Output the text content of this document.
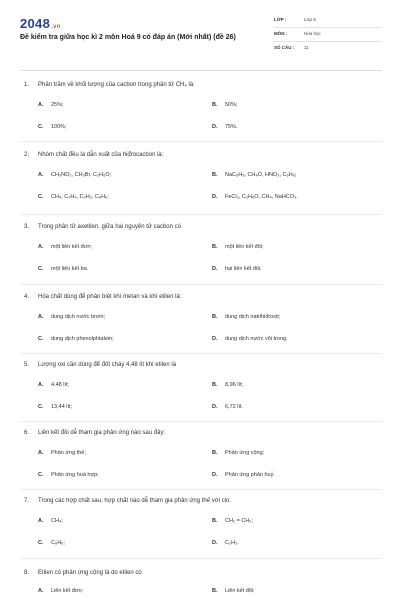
2048.vn
Đề kiểm tra giữa học kì 2 môn Hoá 9 có đáp án (Mới nhất) (đề 26)
LỚP :	Lớp 9
MÔN :	Hóa học
SỐ CÂU : 11
1. Phần trăm về khối lượng của cacbon trong phân tử CH₄ là:
A. 25%;	B. 50%;
C. 100%;	D. 75%.
2. Nhóm chất đều là dẫn xuất của hiđrocacbon là:
A. CH₃NO₂, CH₃Br, C₂H₆O;	B. NaC₆H₅, CH₄O, HNO₃, C₆H₆;
C. CH₄, C₂H₄, C₂H₂, C₆H₆;	D. FeCl₃, C₂H₆O, CH₄, NaHCO₃.
3. Trong phân tử axetilen, giữa hai nguyên tử cacbon có
A. một liên kết đơn;	B. một liên kết đôi;
C. một liên kết ba	D. hai liên kết đôi.
4. Hóa chất dùng để phân biệt khí metan và khí etilen là:
A. dung dịch nước brom;	B. dung dịch natrihiđroxit;
C. dung dịch phenolphtalein;	D. dung dịch nước vôi trong.
5. Lượng oxi cần dùng để đốt cháy 4,48 lít khí etilen là
A. 4,48 lít;	B. 8,96 lít;
C. 13,44 lít;	D. 6,72 lít.
6. Liên kết đôi dễ tham gia phản ứng nào sau đây:
A. Phản ứng thế;	B. Phản ứng cộng;
C. Phản ứng hoá hợp;	D. Phản ứng phân huỷ.
7. Trong các hợp chất sau, hợp chất nào dễ tham gia phản ứng thế với clo:
A. CH₄;	B. CH₂ = CH₂;
C. C₆H₆;	D. C₂H₂.
8. Etilen có phản ứng cộng là do etilen có
A. Liên kết đơn;	B. Liên kết đôi;
